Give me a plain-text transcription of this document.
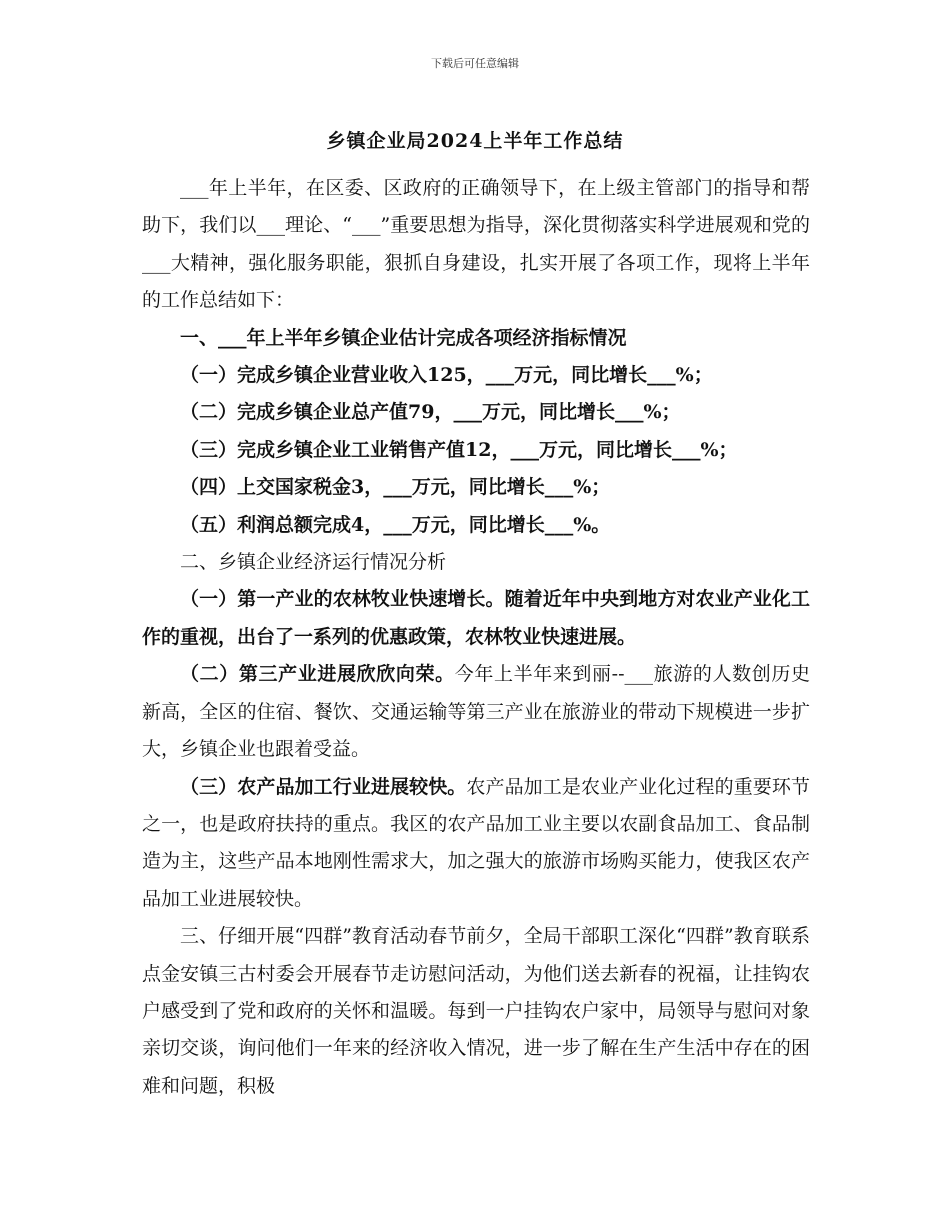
下载后可任意编辑
乡镇企业局2024上半年工作总结

___年上半年，在区委、区政府的正确领导下，在上级主管部门的指导和帮助下，我们以___理论、“___”重要思想为指导，深化贯彻落实科学进展观和党的___大精神，强化服务职能，狠抓自身建设，扎实开展了各项工作，现将上半年的工作总结如下：

一、___年上半年乡镇企业估计完成各项经济指标情况

（一）完成乡镇企业营业收入125，___万元，同比增长___%；

（二）完成乡镇企业总产值79，___万元，同比增长___%；

（三）完成乡镇企业工业销售产值12，___万元，同比增长___%；

（四）上交国家税金3，___万元，同比增长___%；

（五）利润总额完成4，___万元，同比增长___%。

二、乡镇企业经济运行情况分析

（一）第一产业的农林牧业快速增长。随着近年中央到地方对农业产业化工作的重视，出台了一系列的优惠政策，农林牧业快速进展。

（二）第三产业进展欣欣向荣。今年上半年来到丽--___旅游的人数创历史新高，全区的住宿、餐饮、交通运输等第三产业在旅游业的带动下规模进一步扩大，乡镇企业也跟着受益。

（三）农产品加工行业进展较快。农产品加工是农业产业化过程的重要环节之一，也是政府扶持的重点。我区的农产品加工业主要以农副食品加工、食品制造为主，这些产品本地刚性需求大，加之强大的旅游市场购买能力，使我区农产品加工业进展较快。

三、仔细开展“四群”教育活动春节前夕，全局干部职工深化“四群”教育联系点金安镇三古村委会开展春节走访慰问活动，为他们送去新春的祝福，让挂钩农户感受到了党和政府的关怀和温暖。每到一户挂钩农户家中，局领导与慰问对象亲切交谈，询问他们一年来的经济收入情况，进一步了解在生产生活中存在的困难和问题，积极
